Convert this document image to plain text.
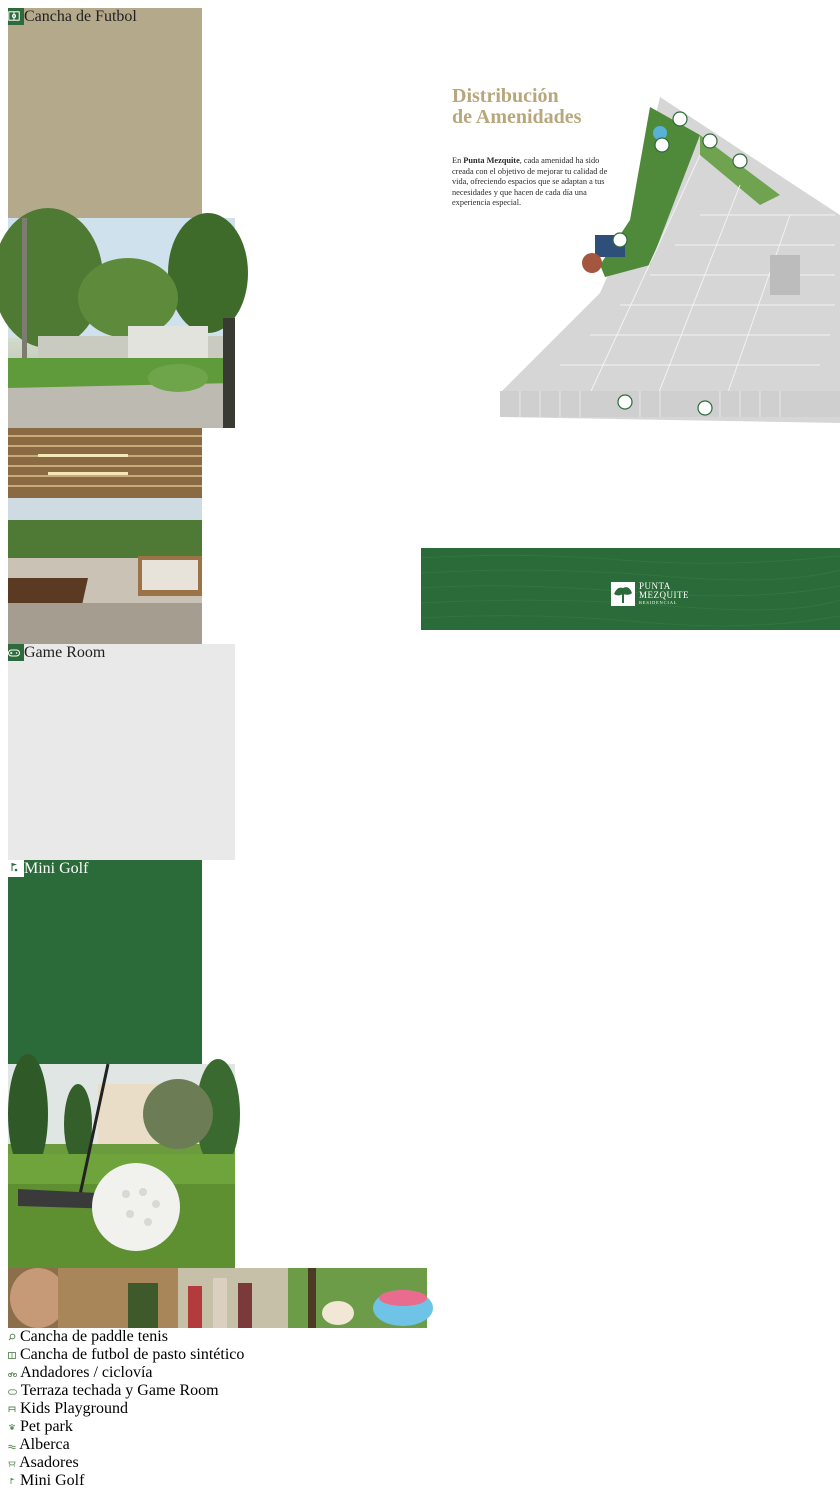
Cancha de Futbol
Game Room
Mini Golf
Distribución
de Amenidades
En Punta Mezquite, cada amenidad ha sido creada con el objetivo de mejorar tu calidad de vida, ofreciendo espacios que se adaptan a tus necesidades y que hacen de cada día una experiencia especial.
Cancha de paddle tenis
Cancha de futbol de pasto sintético
Andadores / ciclovía
Terraza techada y Game Room
Kids Playground
Pet park
Alberca
Asadores
Mini Golf
PUNTA
MEZQUITE
RESIDENCIAL
